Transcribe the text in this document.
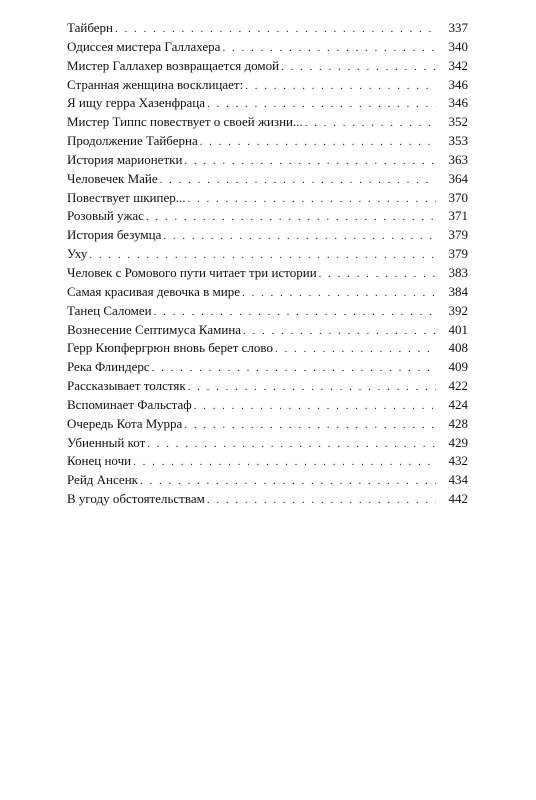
Тайберн . . .	337
Одиссея мистера Галлахера . . .	340
Мистер Галлахер возвращается домой . . .	342
Странная женщина восклицает: . . .	346
Я ищу герра Хазенфраца . . .	346
Мистер Типпс повествует о своей жизни... . . .	352
Продолжение Тайберна . . .	353
История марионетки . . .	363
Человечек Майе . . .	364
Повествует шкипер... . . .	370
Розовый ужас . . .	371
История безумца . . .	379
Уху . . .	379
Человек с Ромового пути читает три истории . . .	383
Самая красивая девочка в мире . . .	384
Танец Саломеи . . .	392
Вознесение Септимуса Камина . . .	401
Герр Кюпфергрюн вновь берет слово . . .	408
Река Флиндерс . . .	409
Рассказывает толстяк . . .	422
Вспоминает Фальстаф . . .	424
Очередь Кота Мурра . . .	428
Убиенный кот . . .	429
Конец ночи . . .	432
Рейд Ансенк . . .	434
В угоду обстоятельствам . . .	442
